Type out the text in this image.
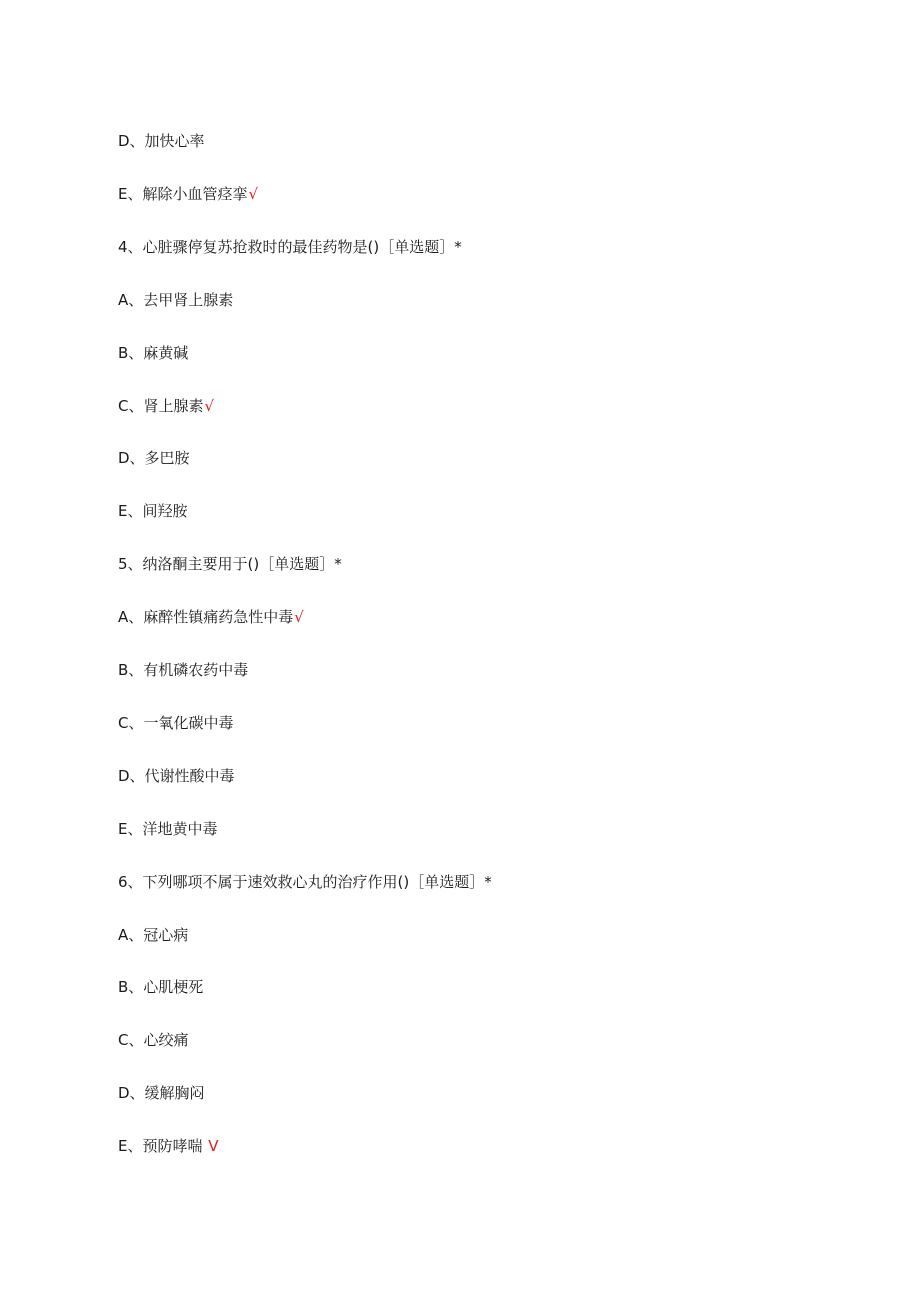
D、加快心率
E、解除小血管痉挛√
4、心脏骤停复苏抢救时的最佳药物是()［单选题］*
A、去甲肾上腺素
B、麻黄碱
C、肾上腺素√
D、多巴胺
E、间羟胺
5、纳洛酮主要用于()［单选题］*
A、麻醉性镇痛药急性中毒√
B、有机磷农药中毒
C、一氧化碳中毒
D、代谢性酸中毒
E、洋地黄中毒
6、下列哪项不属于速效救心丸的治疗作用()［单选题］*
A、冠心病
B、心肌梗死
C、心绞痛
D、缓解胸闷
E、预防哮喘 V
